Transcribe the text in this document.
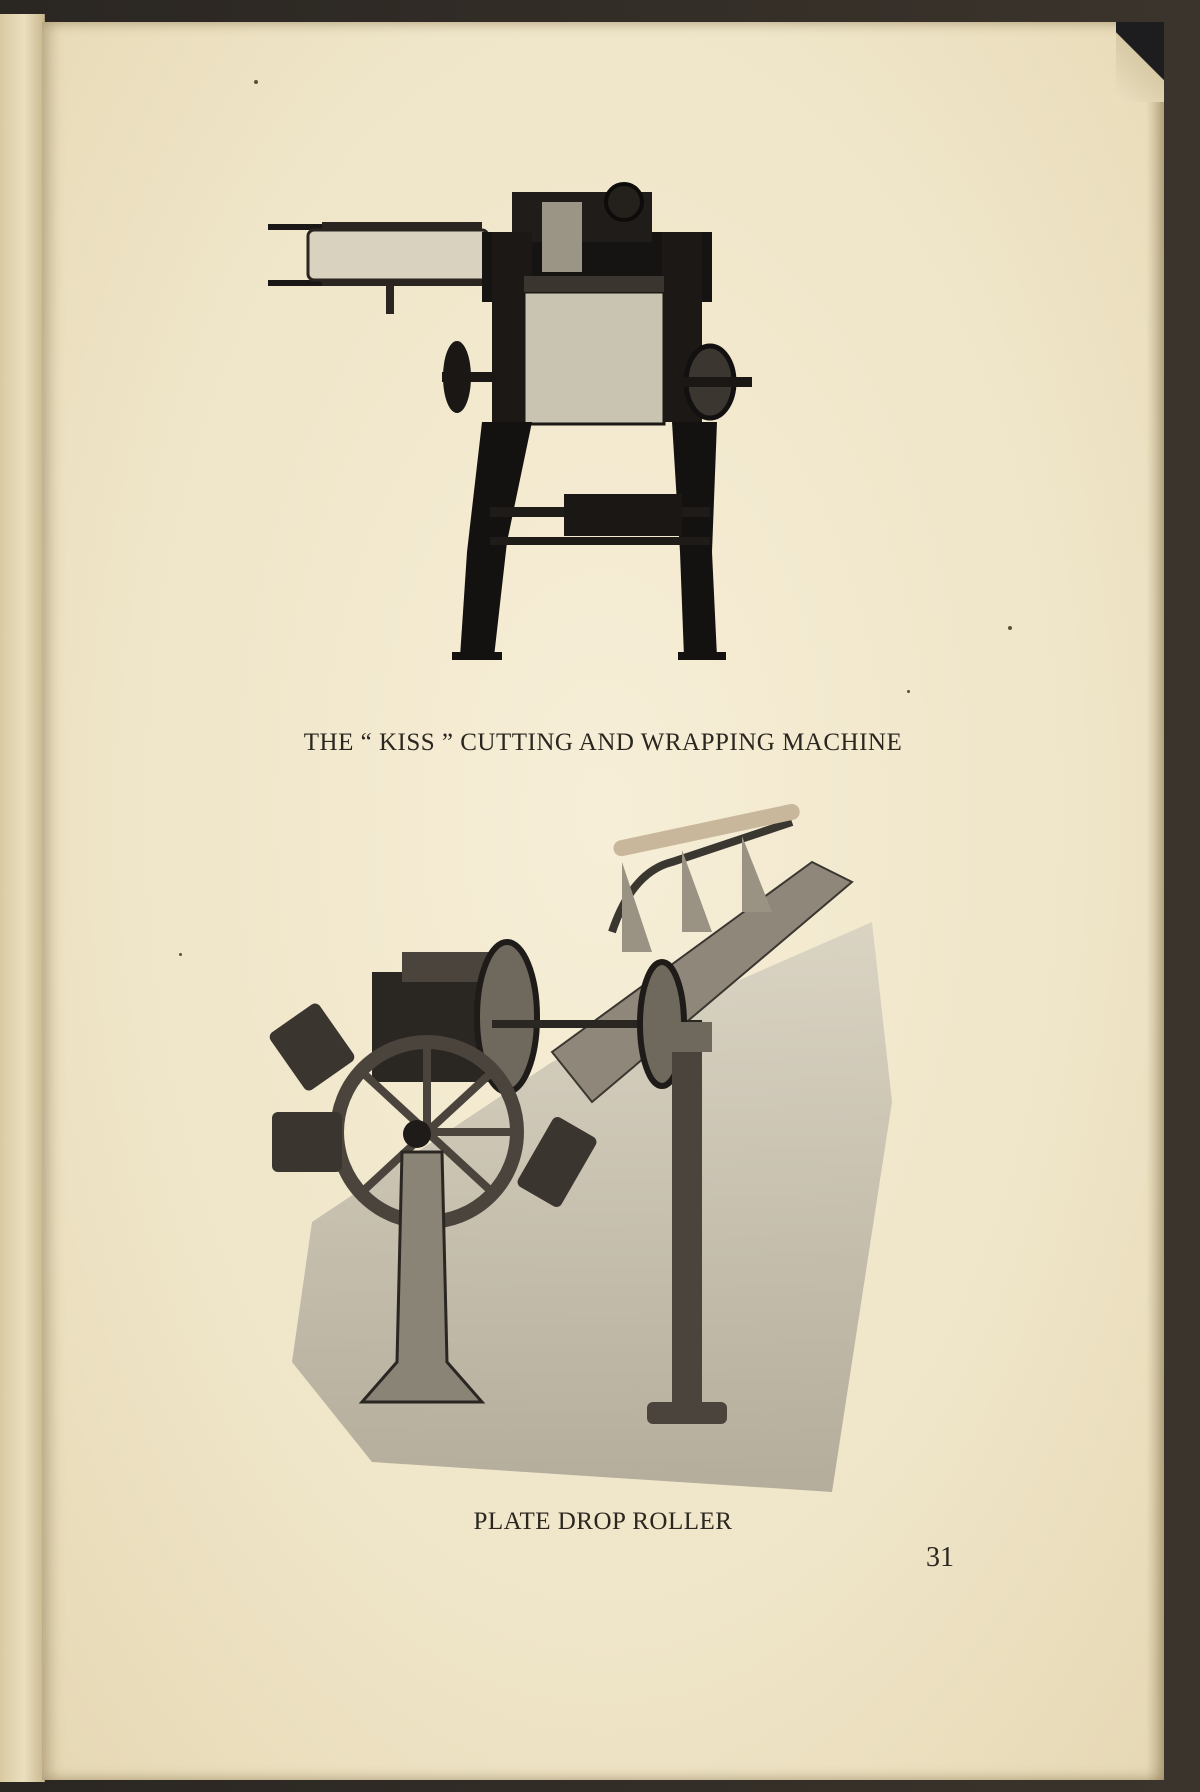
THE “ KISS ” CUTTING AND WRAPPING MACHINE
PLATE DROP ROLLER
31
